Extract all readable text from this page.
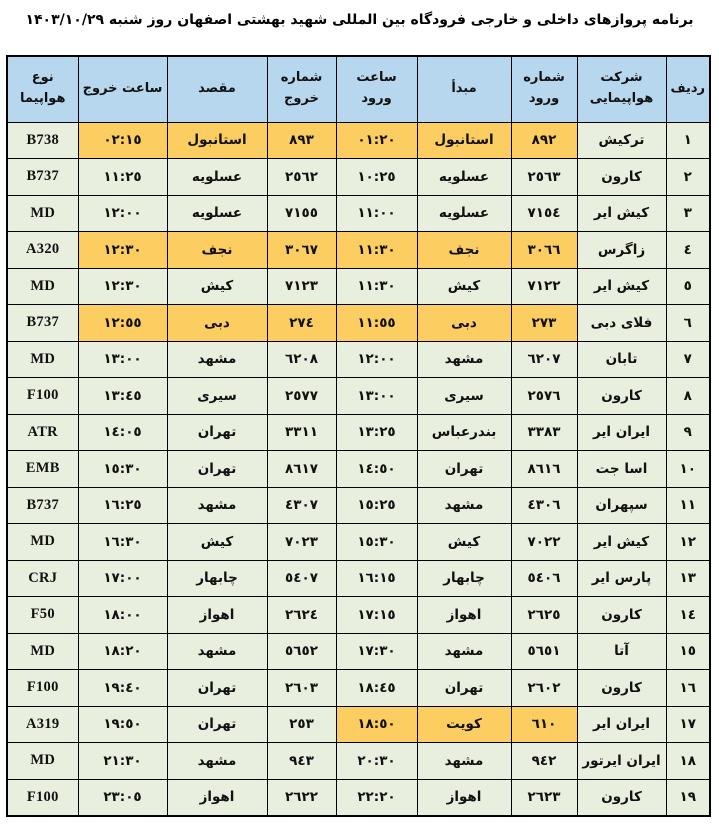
برنامه پروازهای داخلی و خارجی فرودگاه بین المللی شهید بهشتی اصفهان روز شنبه ۱۴۰۳/۱۰/۲۹
ردیف	شرکت هواپیمایی	شماره ورود	مبدأ	ساعت ورود	شماره خروج	مقصد	ساعت خروج	نوع هواپیما
١	ترکیش	٨٩٢	استانبول	٠١:٢٠	٨٩٣	استانبول	٠٢:١٥	B738
٢	کارون	٢٥٦٣	عسلویه	١٠:٢٥	٢٥٦٢	عسلویه	١١:٢٥	B737
٣	کیش ایر	٧١٥٤	عسلویه	١١:٠٠	٧١٥٥	عسلویه	١٢:٠٠	MD
٤	زاگرس	٣٠٦٦	نجف	١١:٣٠	٣٠٦٧	نجف	١٢:٣٠	A320
٥	کیش ایر	٧١٢٢	کیش	١١:٣٠	٧١٢٣	کیش	١٢:٣٠	MD
٦	فلای دبی	٢٧٣	دبی	١١:٥٥	٢٧٤	دبی	١٢:٥٥	B737
٧	تابان	٦٢٠٧	مشهد	١٢:٠٠	٦٢٠٨	مشهد	١٣:٠٠	MD
٨	کارون	٢٥٧٦	سیری	١٣:٠٠	٢٥٧٧	سیری	١٣:٤٥	F100
٩	ایران ایر	٣٣٨٣	بندرعباس	١٣:٢٥	٣٣١١	تهران	١٤:٠٥	ATR
١٠	اسا جت	٨٦١٦	تهران	١٤:٥٠	٨٦١٧	تهران	١٥:٣٠	EMB
١١	سپهران	٤٣٠٦	مشهد	١٥:٢٥	٤٣٠٧	مشهد	١٦:٢٥	B737
١٢	کیش ایر	٧٠٢٢	کیش	١٥:٣٠	٧٠٢٣	کیش	١٦:٣٠	MD
١٣	پارس ایر	٥٤٠٦	چابهار	١٦:١٥	٥٤٠٧	چابهار	١٧:٠٠	CRJ
١٤	کارون	٢٦٢٥	اهواز	١٧:١٥	٢٦٢٤	اهواز	١٨:٠٠	F50
١٥	آتا	٥٦٥١	مشهد	١٧:٣٠	٥٦٥٢	مشهد	١٨:٢٠	MD
١٦	کارون	٢٦٠٢	تهران	١٨:٤٥	٢٦٠٣	تهران	١٩:٤٠	F100
١٧	ایران ایر	٦١٠	کویت	١٨:٥٠	٢٥٣	تهران	١٩:٥٠	A319
١٨	ایران ایرتور	٩٤٢	مشهد	٢٠:٣٠	٩٤٣	مشهد	٢١:٣٠	MD
١٩	کارون	٢٦٢٣	اهواز	٢٢:٢٠	٢٦٢٢	اهواز	٢٣:٠٥	F100
